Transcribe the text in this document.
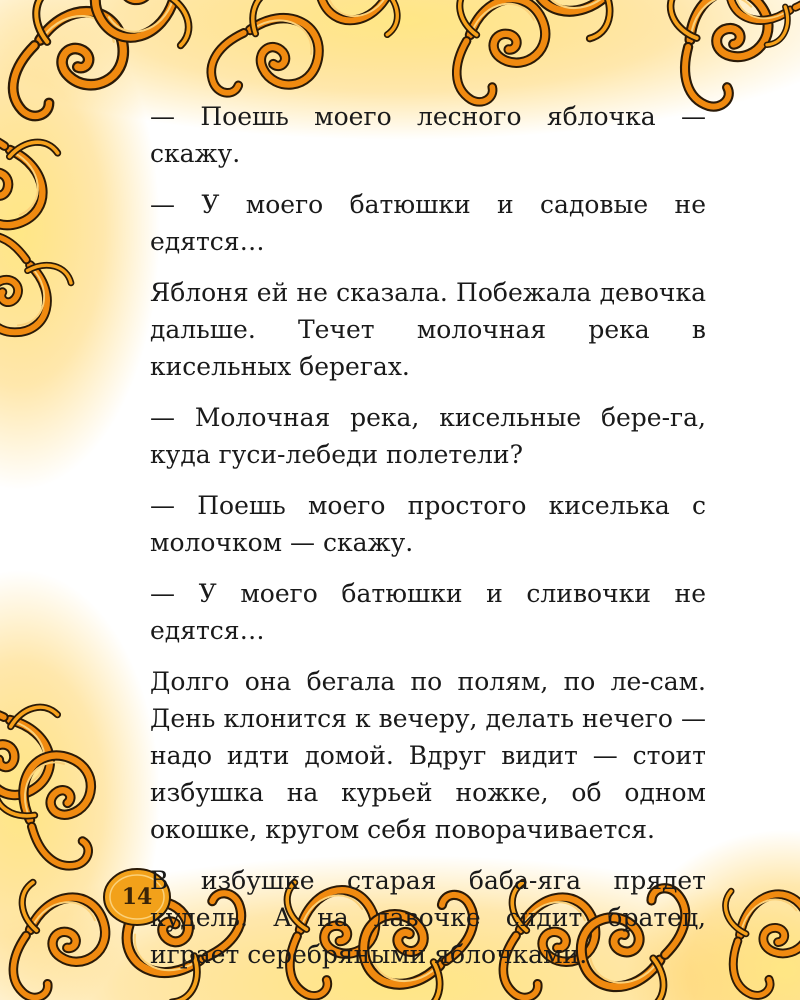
— Поешь моего лесного яблочка — скажу.

— У моего батюшки и садовые не едятся…

Яблоня ей не сказала. Побежала девочка дальше. Течет молочная река в кисельных берегах.

— Молочная река, кисельные бере-га, куда гуси-лебеди полетели?

— Поешь моего простого киселька с молочком — скажу.

— У моего батюшки и сливочки не едятся…

Долго она бегала по полям, по ле-сам. День клонится к вечеру, делать нечего — надо идти домой. Вдруг видит — стоит избушка на курьей ножке, об одном окошке, кругом себя поворачивается.

В избушке старая баба-яга прядет кудель. А на лавочке сидит братец, играет серебряными яблочками.

14
